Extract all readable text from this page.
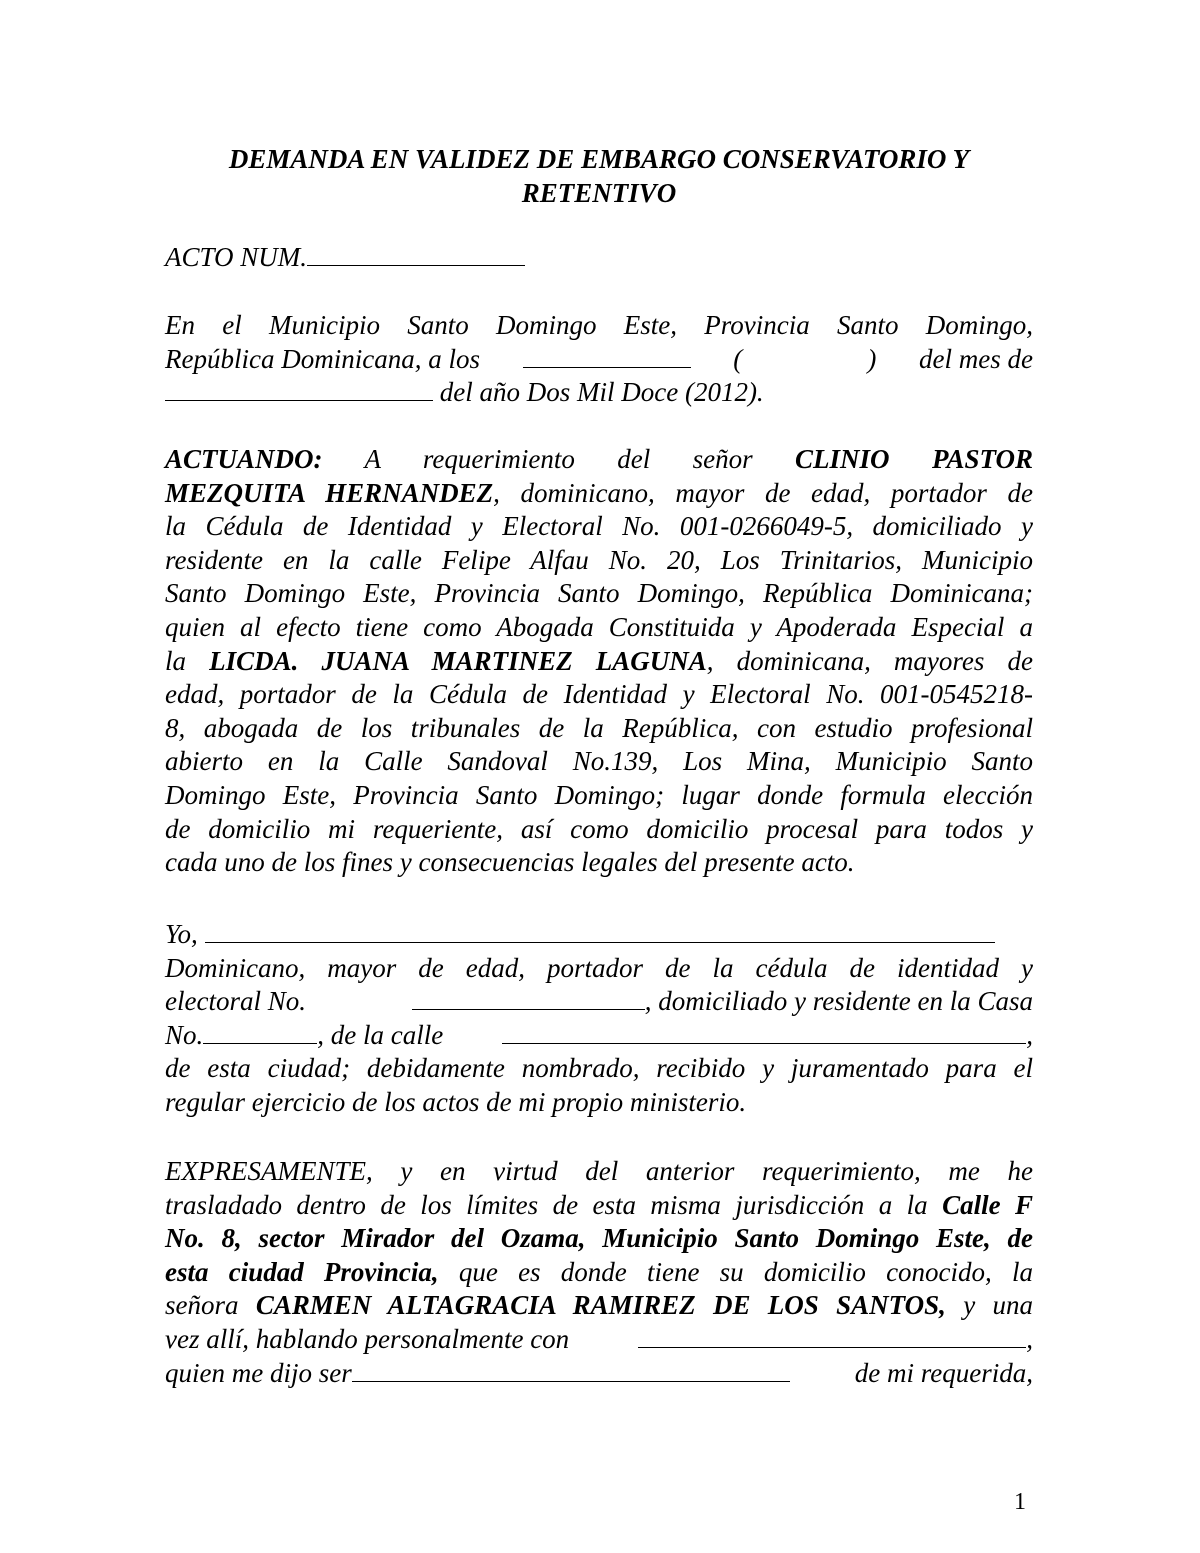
DEMANDA EN VALIDEZ DE EMBARGO CONSERVATORIO Y
RETENTIVO
ACTO NUM.
En el Municipio Santo Domingo Este, Provincia Santo Domingo,
República Dominicana, a los	(	) del mes de
del año Dos Mil Doce (2012).
ACTUANDO: A requerimiento del señor CLINIO PASTOR
MEZQUITA HERNANDEZ, dominicano, mayor de edad, portador de
la Cédula de Identidad y Electoral No. 001-0266049-5, domiciliado y
residente en la calle Felipe Alfau No. 20, Los Trinitarios, Municipio
Santo Domingo Este, Provincia Santo Domingo, República Dominicana;
quien al efecto tiene como Abogada Constituida y Apoderada Especial a
la LICDA. JUANA MARTINEZ LAGUNA, dominicana, mayores de
edad, portador de la Cédula de Identidad y Electoral No. 001-0545218-
8, abogada de los tribunales de la República, con estudio profesional
abierto en la Calle Sandoval No.139, Los Mina, Municipio Santo
Domingo Este, Provincia Santo Domingo; lugar donde formula elección
de domicilio mi requeriente, así como domicilio procesal para todos y
cada uno de los fines y consecuencias legales del presente acto.
Yo,
Dominicano, mayor de edad, portador de la cédula de identidad y
electoral No.	, domiciliado y residente en la Casa
No.	, de la calle	,
de esta ciudad; debidamente nombrado, recibido y juramentado para el
regular ejercicio de los actos de mi propio ministerio.
EXPRESAMENTE, y en virtud del anterior requerimiento, me he
trasladado dentro de los límites de esta misma jurisdicción a la Calle F
No. 8, sector Mirador del Ozama, Municipio Santo Domingo Este, de
esta ciudad Provincia, que es donde tiene su domicilio conocido, la
señora CARMEN ALTAGRACIA RAMIREZ DE LOS SANTOS, y una
vez allí, hablando personalmente con	,
quien me dijo ser	de mi requerida,
1
